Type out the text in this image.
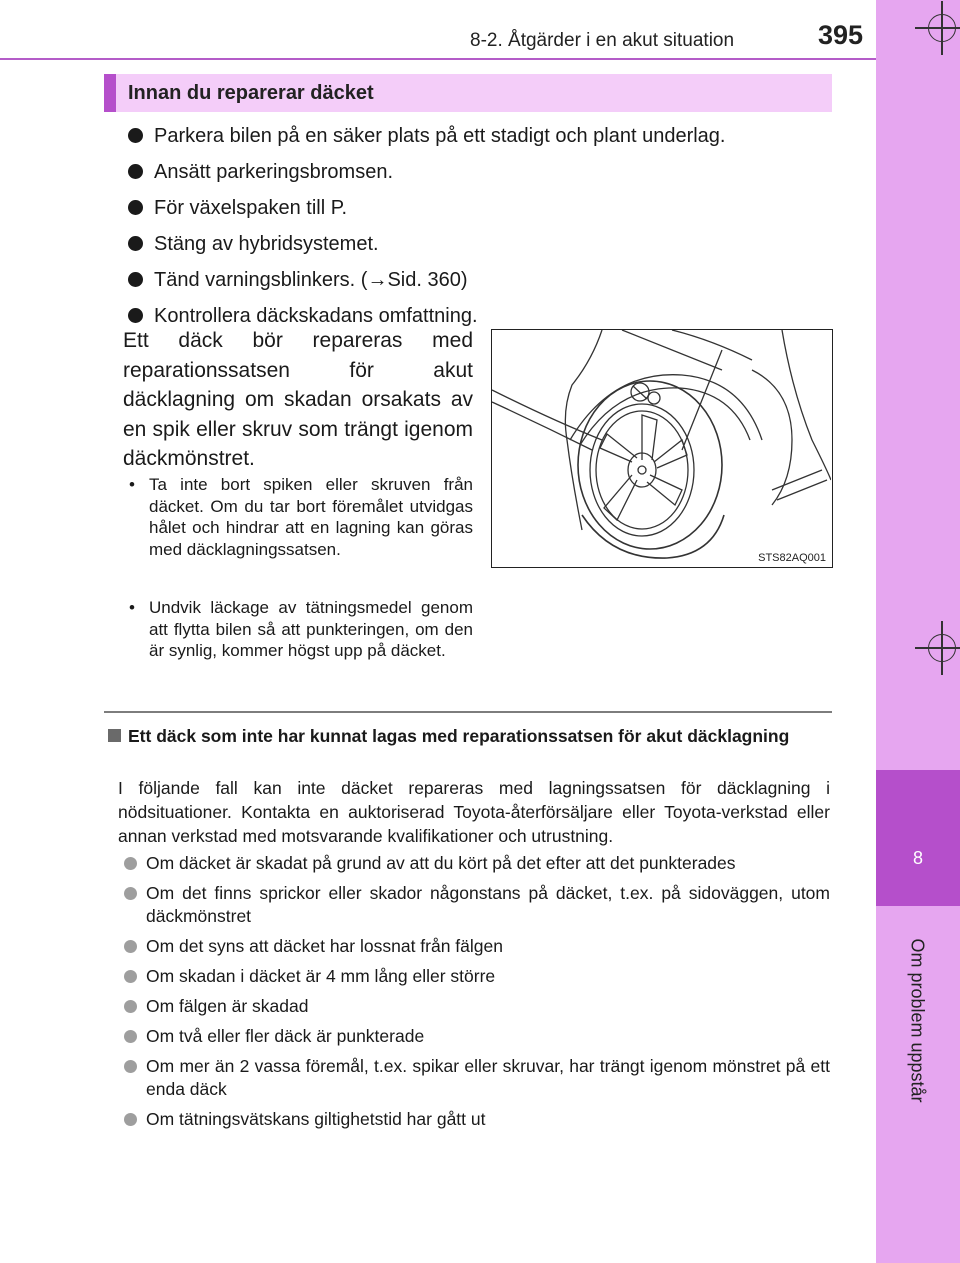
8-2. Åtgärder i en akut situation	395
8
Om problem uppstår
Innan du reparerar däcket
Parkera bilen på en säker plats på ett stadigt och plant underlag.
Ansätt parkeringsbromsen.
För växelspaken till P.
Stäng av hybridsystemet.
Tänd varningsblinkers. (→Sid. 360)
Kontrollera däckskadans omfattning.
Ett däck bör repareras med reparationssatsen för akut däcklagning om skadan orsakats av en spik eller skruv som trängt igenom däckmönstret.
• Ta inte bort spiken eller skruven från däcket. Om du tar bort föremålet utvidgas hålet och hindrar att en lagning kan göras med däcklagningssatsen.
• Undvik läckage av tätningsmedel genom att flytta bilen så att punkteringen, om den är synlig, kommer högst upp på däcket.
STS82AQ001
Ett däck som inte har kunnat lagas med reparationssatsen för akut däcklagning
I följande fall kan inte däcket repareras med lagningssatsen för däcklagning i nödsituationer. Kontakta en auktoriserad Toyota-återförsäljare eller Toyota-verkstad eller annan verkstad med motsvarande kvalifikationer och utrustning.
Om däcket är skadat på grund av att du kört på det efter att det punkterades
Om det finns sprickor eller skador någonstans på däcket, t.ex. på sidoväggen, utom däckmönstret
Om det syns att däcket har lossnat från fälgen
Om skadan i däcket är 4 mm lång eller större
Om fälgen är skadad
Om två eller fler däck är punkterade
Om mer än 2 vassa föremål, t.ex. spikar eller skruvar, har trängt igenom mönstret på ett enda däck
Om tätningsvätskans giltighetstid har gått ut
